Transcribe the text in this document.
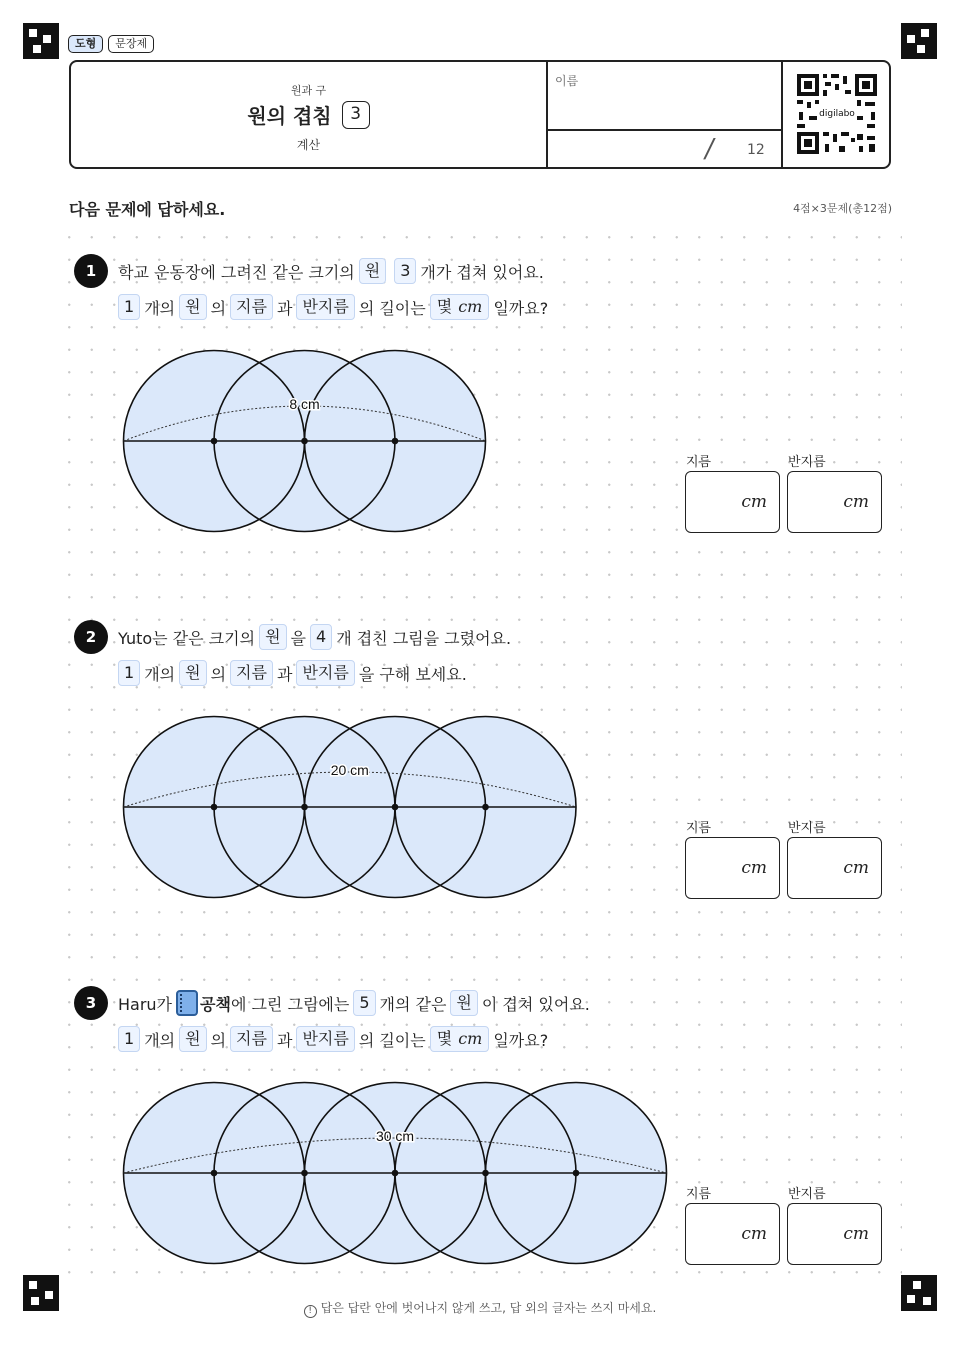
도형	문장제
원과 구
원의 겹침	3
계산
이름
/ 12
digilabo
다음 문제에 답하세요.	4점×3문제(총12점)
1	학교 운동장에 그려진 같은 크기의 원	3 개가 겹쳐 있어요.
1 개의 원 의 지름 과 반지름 의 길이는 몇 cm 일까요?
8 cm
지름	반지름
cm	cm
2	Yuto는 같은 크기의 원 을 4 개 겹친 그림을 그렸어요.
1 개의 원 의 지름 과 반지름 을 구해 보세요.
20 cm
지름	반지름
cm	cm
3	Haru가 공책 에 그린 그림에는 5 개의 같은 원 이 겹쳐 있어요.
1 개의 원 의 지름 과 반지름 의 길이는 몇 cm 일까요?
30 cm
지름	반지름
cm	cm
! 답은 답란 안에 벗어나지 않게 쓰고, 답 외의 글자는 쓰지 마세요.
